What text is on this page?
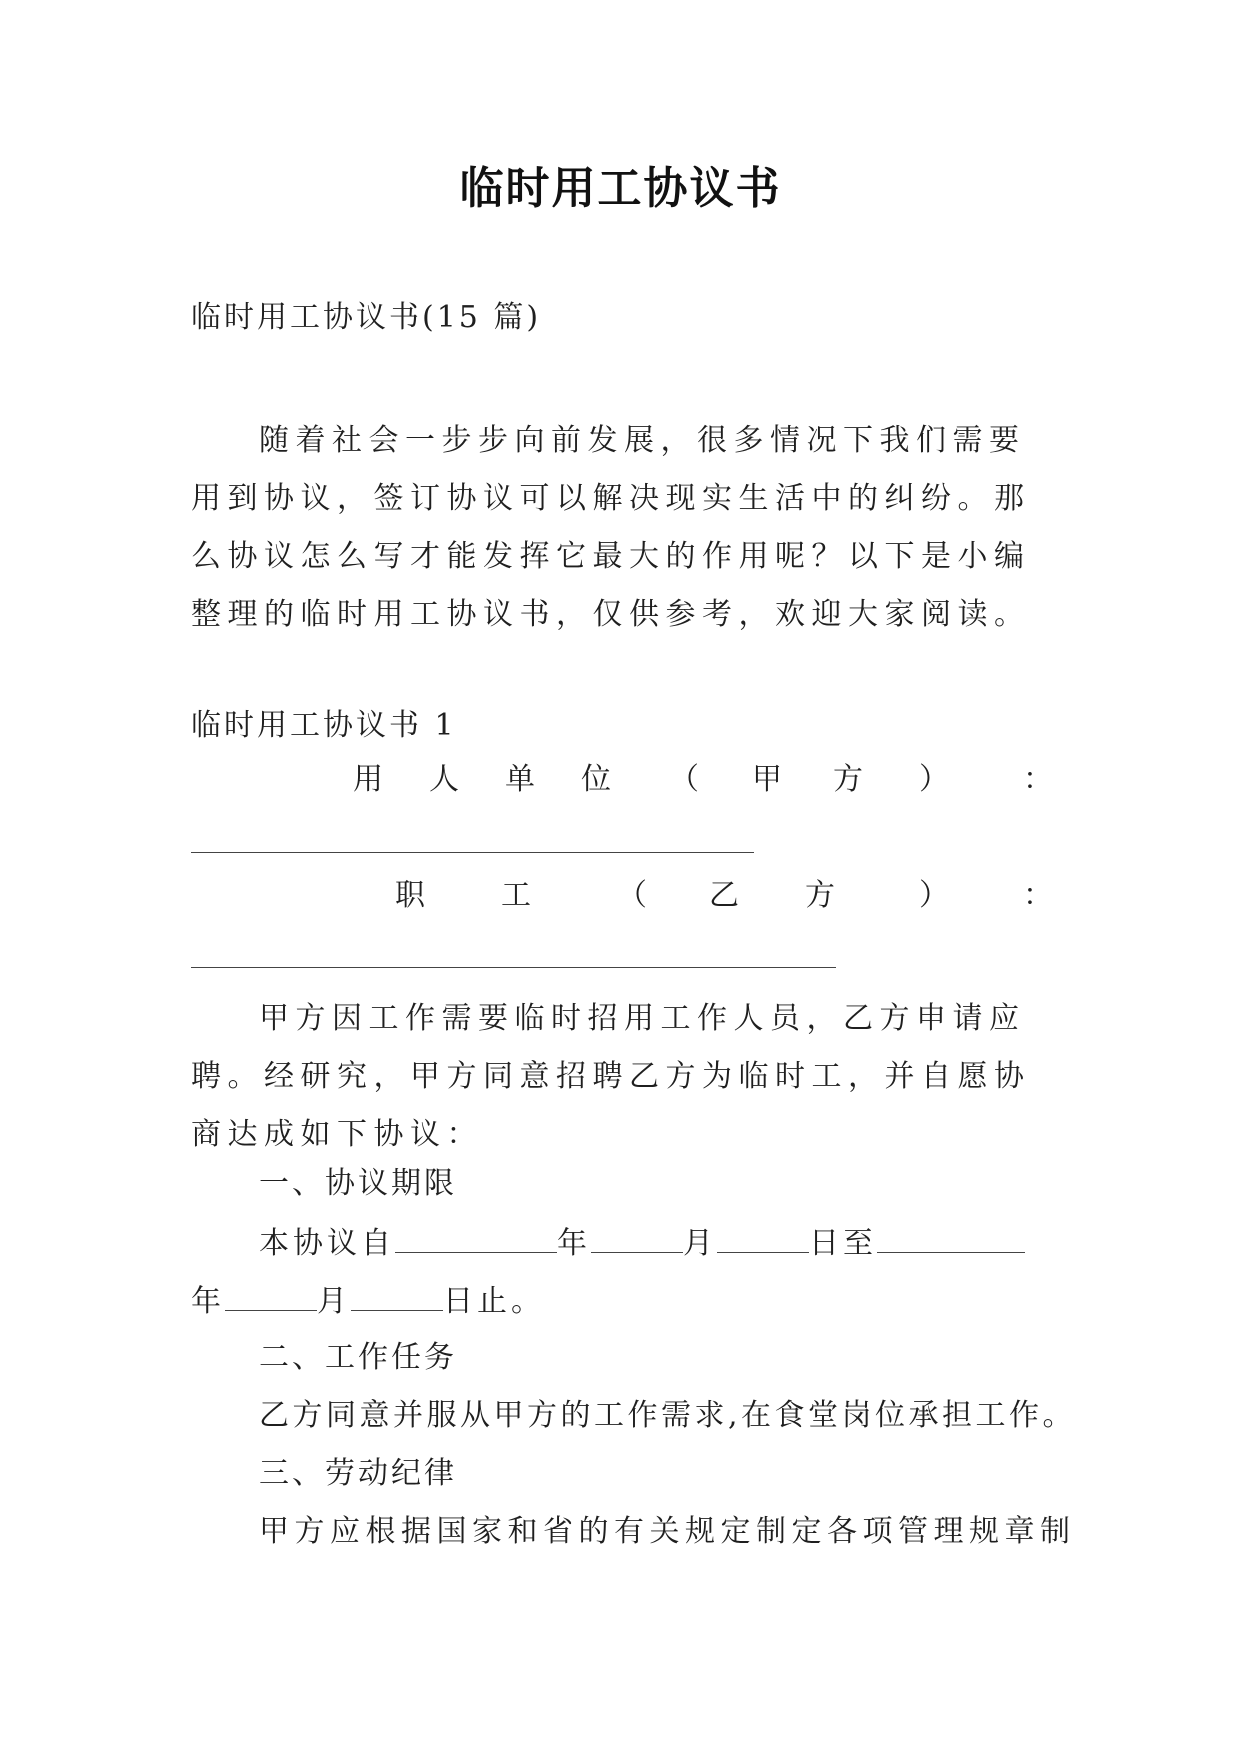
临时用工协议书
临时用工协议书(15 篇)
随着社会一步步向前发展，很多情况下我们需要用到协议，签订协议可以解决现实生活中的纠纷。那么协议怎么写才能发挥它最大的作用呢？以下是小编整理的临时用工协议书，仅供参考，欢迎大家阅读。
临时用工协议书 1
用 人 单 位 （ 甲 方 ） ：
职	工	（ 乙 方	） ：
甲方因工作需要临时招用工作人员，乙方申请应聘。经研究，甲方同意招聘乙方为临时工，并自愿协商达成如下协议：
一、协议期限
本协议自	年	月	日至
年	月	日止。
二、工作任务
乙方同意并服从甲方的工作需求,在食堂岗位承担工作。
三、劳动纪律
甲方应根据国家和省的有关规定制定各项管理规章制
